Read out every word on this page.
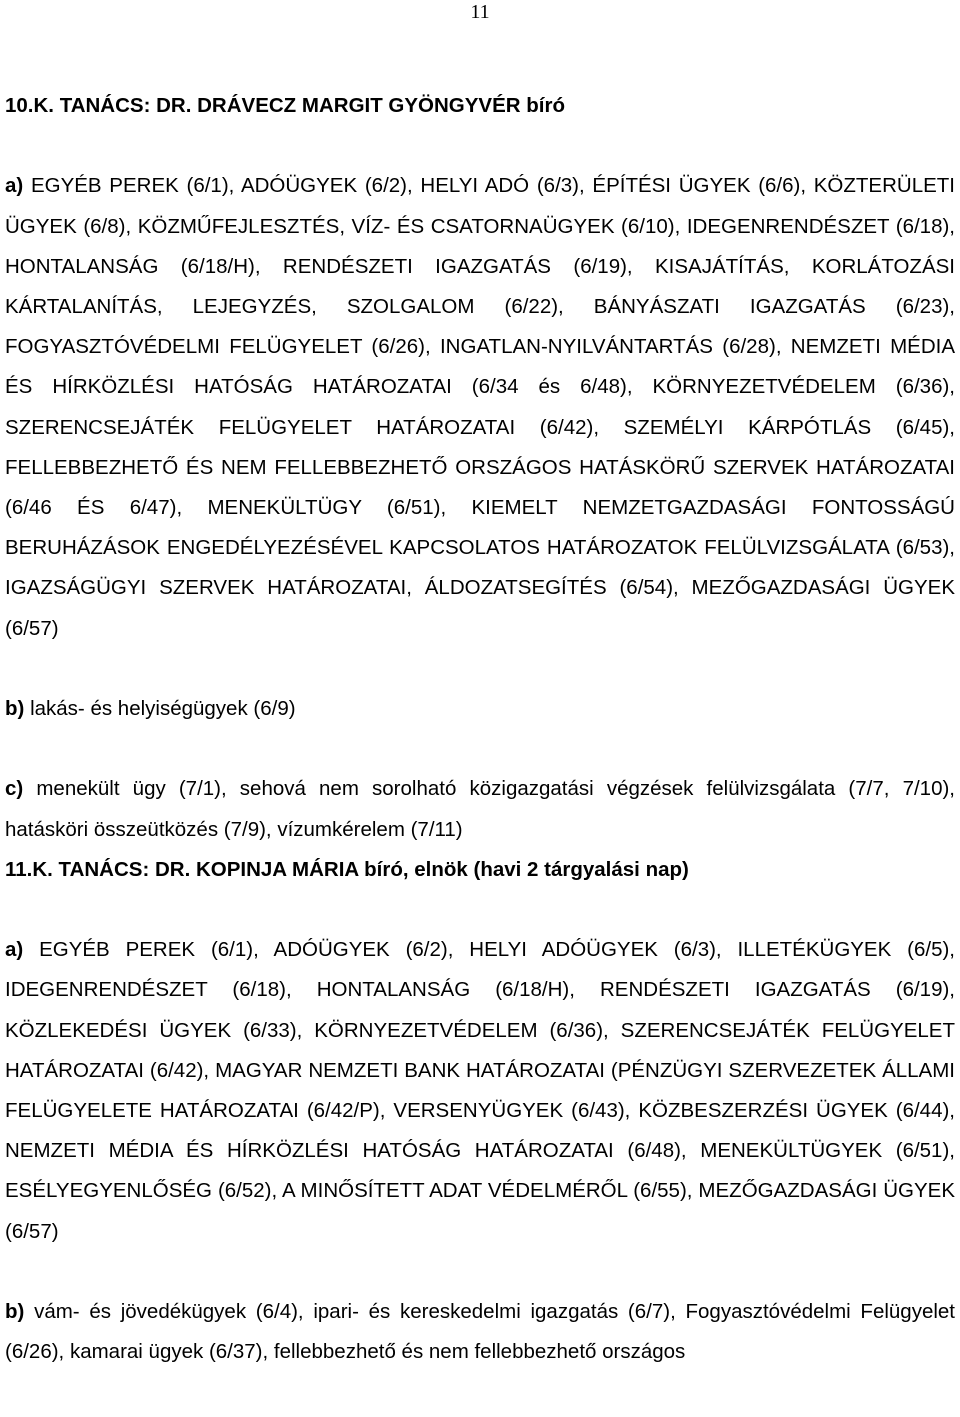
11

10.K. TANÁCS: DR. DRÁVECZ MARGIT GYÖNGYVÉR bíró

a) EGYÉB PEREK (6/1), ADÓÜGYEK (6/2), HELYI ADÓ (6/3), ÉPÍTÉSI ÜGYEK (6/6), KÖZTERÜLETI ÜGYEK (6/8), KÖZMŰFEJLESZTÉS, VÍZ- ÉS CSATORNAÜGYEK (6/10), IDEGENRENDÉSZET (6/18), HONTALANSÁG (6/18/H), RENDÉSZETI IGAZGATÁS (6/19), KISAJÁTÍTÁS, KORLÁTOZÁSI KÁRTALANÍTÁS, LEJEGYZÉS, SZOLGALOM (6/22), BÁNYÁSZATI IGAZGATÁS (6/23), FOGYASZTÓVÉDELMI FELÜGYELET (6/26), INGATLAN-NYILVÁNTARTÁS (6/28), NEMZETI MÉDIA ÉS HÍRKÖZLÉSI HATÓSÁG HATÁROZATAI (6/34 és 6/48), KÖRNYEZETVÉDELEM (6/36), SZERENCSEJÁTÉK FELÜGYELET HATÁROZATAI (6/42), SZEMÉLYI KÁRPÓTLÁS (6/45), FELLEBBEZHETŐ ÉS NEM FELLEBBEZHETŐ ORSZÁGOS HATÁSKÖRŰ SZERVEK HATÁROZATAI (6/46 ÉS 6/47), MENEKÜLTÜGY (6/51), KIEMELT NEMZETGAZDASÁGI FONTOSSÁGÚ BERUHÁZÁSOK ENGEDÉLYEZÉSÉVEL KAPCSOLATOS HATÁROZATOK FELÜLVIZSGÁLATA (6/53), IGAZSÁGÜGYI SZERVEK HATÁROZATAI, ÁLDOZATSEGÍTÉS (6/54), MEZŐGAZDASÁGI ÜGYEK (6/57)

b) lakás- és helyiségügyek (6/9)

c) menekült ügy (7/1), sehová nem sorolható közigazgatási végzések felülvizsgálata (7/7, 7/10), hatásköri összeütközés (7/9), vízumkérelem (7/11)

11.K. TANÁCS: DR. KOPINJA MÁRIA bíró, elnök (havi 2 tárgyalási nap)

a) EGYÉB PEREK (6/1), ADÓÜGYEK (6/2), HELYI ADÓÜGYEK (6/3), ILLETÉKÜGYEK (6/5), IDEGENRENDÉSZET (6/18), HONTALANSÁG (6/18/H), RENDÉSZETI IGAZGATÁS (6/19), KÖZLEKEDÉSI ÜGYEK (6/33), KÖRNYEZETVÉDELEM (6/36), SZERENCSEJÁTÉK FELÜGYELET HATÁROZATAI (6/42), MAGYAR NEMZETI BANK HATÁROZATAI (PÉNZÜGYI SZERVEZETEK ÁLLAMI FELÜGYELETE HATÁROZATAI (6/42/P), VERSENYÜGYEK (6/43), KÖZBESZERZÉSI ÜGYEK (6/44), NEMZETI MÉDIA ÉS HÍRKÖZLÉSI HATÓSÁG HATÁROZATAI (6/48), MENEKÜLTÜGYEK (6/51), ESÉLYEGYENLŐSÉG (6/52), A MINŐSÍTETT ADAT VÉDELMÉRŐL (6/55), MEZŐGAZDASÁGI ÜGYEK (6/57)

b) vám- és jövedékügyek (6/4), ipari- és kereskedelmi igazgatás (6/7), Fogyasztóvédelmi Felügyelet (6/26), kamarai ügyek (6/37), fellebbezhető és nem fellebbezhető országos
